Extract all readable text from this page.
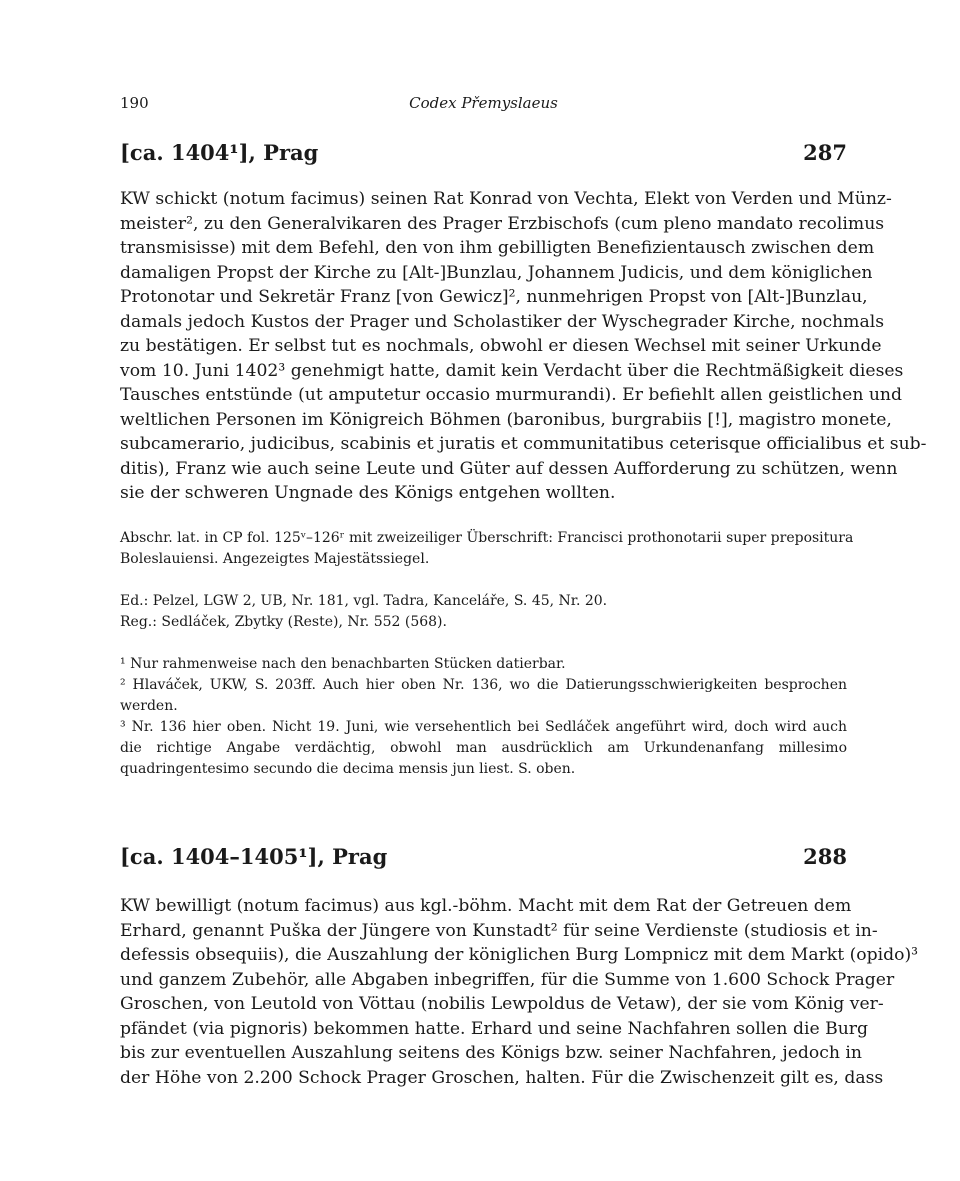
190	Codex Přemyslaeus
[ca. 1404¹], Prag	287
KW schickt (notum facimus) seinen Rat Konrad von Vechta, Elekt von Verden und Münz-
meister², zu den Generalvikaren des Prager Erzbischofs (cum pleno mandato recolimus
transmisisse) mit dem Befehl, den von ihm gebilligten Benefizientausch zwischen dem
damaligen Propst der Kirche zu [Alt-]Bunzlau, Johannem Judicis, und dem königlichen
Protonotar und Sekretär Franz [von Gewicz]², nunmehrigen Propst von [Alt-]Bunzlau,
damals jedoch Kustos der Prager und Scholastiker der Wyschegrader Kirche, nochmals
zu bestätigen. Er selbst tut es nochmals, obwohl er diesen Wechsel mit seiner Urkunde
vom 10. Juni 1402³ genehmigt hatte, damit kein Verdacht über die Rechtmäßigkeit dieses
Tausches entstünde (ut amputetur occasio murmurandi). Er befiehlt allen geistlichen und
weltlichen Personen im Königreich Böhmen (baronibus, burgrabiis [!], magistro monete,
subcamerario, judicibus, scabinis et juratis et communitatibus ceterisque officialibus et sub-
ditis), Franz wie auch seine Leute und Güter auf dessen Aufforderung zu schützen, wenn
sie der schweren Ungnade des Königs entgehen wollten.
Abschr. lat. in CP fol. 125ᵛ–126ʳ mit zweizeiliger Überschrift: Francisci prothonotarii super prepositura
Boleslauiensi. Angezeigtes Majestätssiegel.
Ed.: Pelzel, LGW 2, UB, Nr. 181, vgl. Tadra, Kanceláře, S. 45, Nr. 20.
Reg.: Sedláček, Zbytky (Reste), Nr. 552 (568).
¹ Nur rahmenweise nach den benachbarten Stücken datierbar.
² Hlaváček, UKW, S. 203ff. Auch hier oben Nr. 136, wo die Datierungsschwierigkeiten besprochen werden.
³ Nr. 136 hier oben. Nicht 19. Juni, wie versehentlich bei Sedláček angeführt wird, doch wird auch die richtige Angabe verdächtig, obwohl man ausdrücklich am Urkundenanfang millesimo quadringentesimo secundo die decima mensis jun liest. S. oben.
[ca. 1404–1405¹], Prag	288
KW bewilligt (notum facimus) aus kgl.-böhm. Macht mit dem Rat der Getreuen dem
Erhard, genannt Puška der Jüngere von Kunstadt² für seine Verdienste (studiosis et in-
defessis obsequiis), die Auszahlung der königlichen Burg Lompnicz mit dem Markt (opido)³
und ganzem Zubehör, alle Abgaben inbegriffen, für die Summe von 1.600 Schock Prager
Groschen, von Leutold von Vöttau (nobilis Lewpoldus de Vetaw), der sie vom König ver-
pfändet (via pignoris) bekommen hatte. Erhard und seine Nachfahren sollen die Burg
bis zur eventuellen Auszahlung seitens des Königs bzw. seiner Nachfahren, jedoch in
der Höhe von 2.200 Schock Prager Groschen, halten. Für die Zwischenzeit gilt es, dass
